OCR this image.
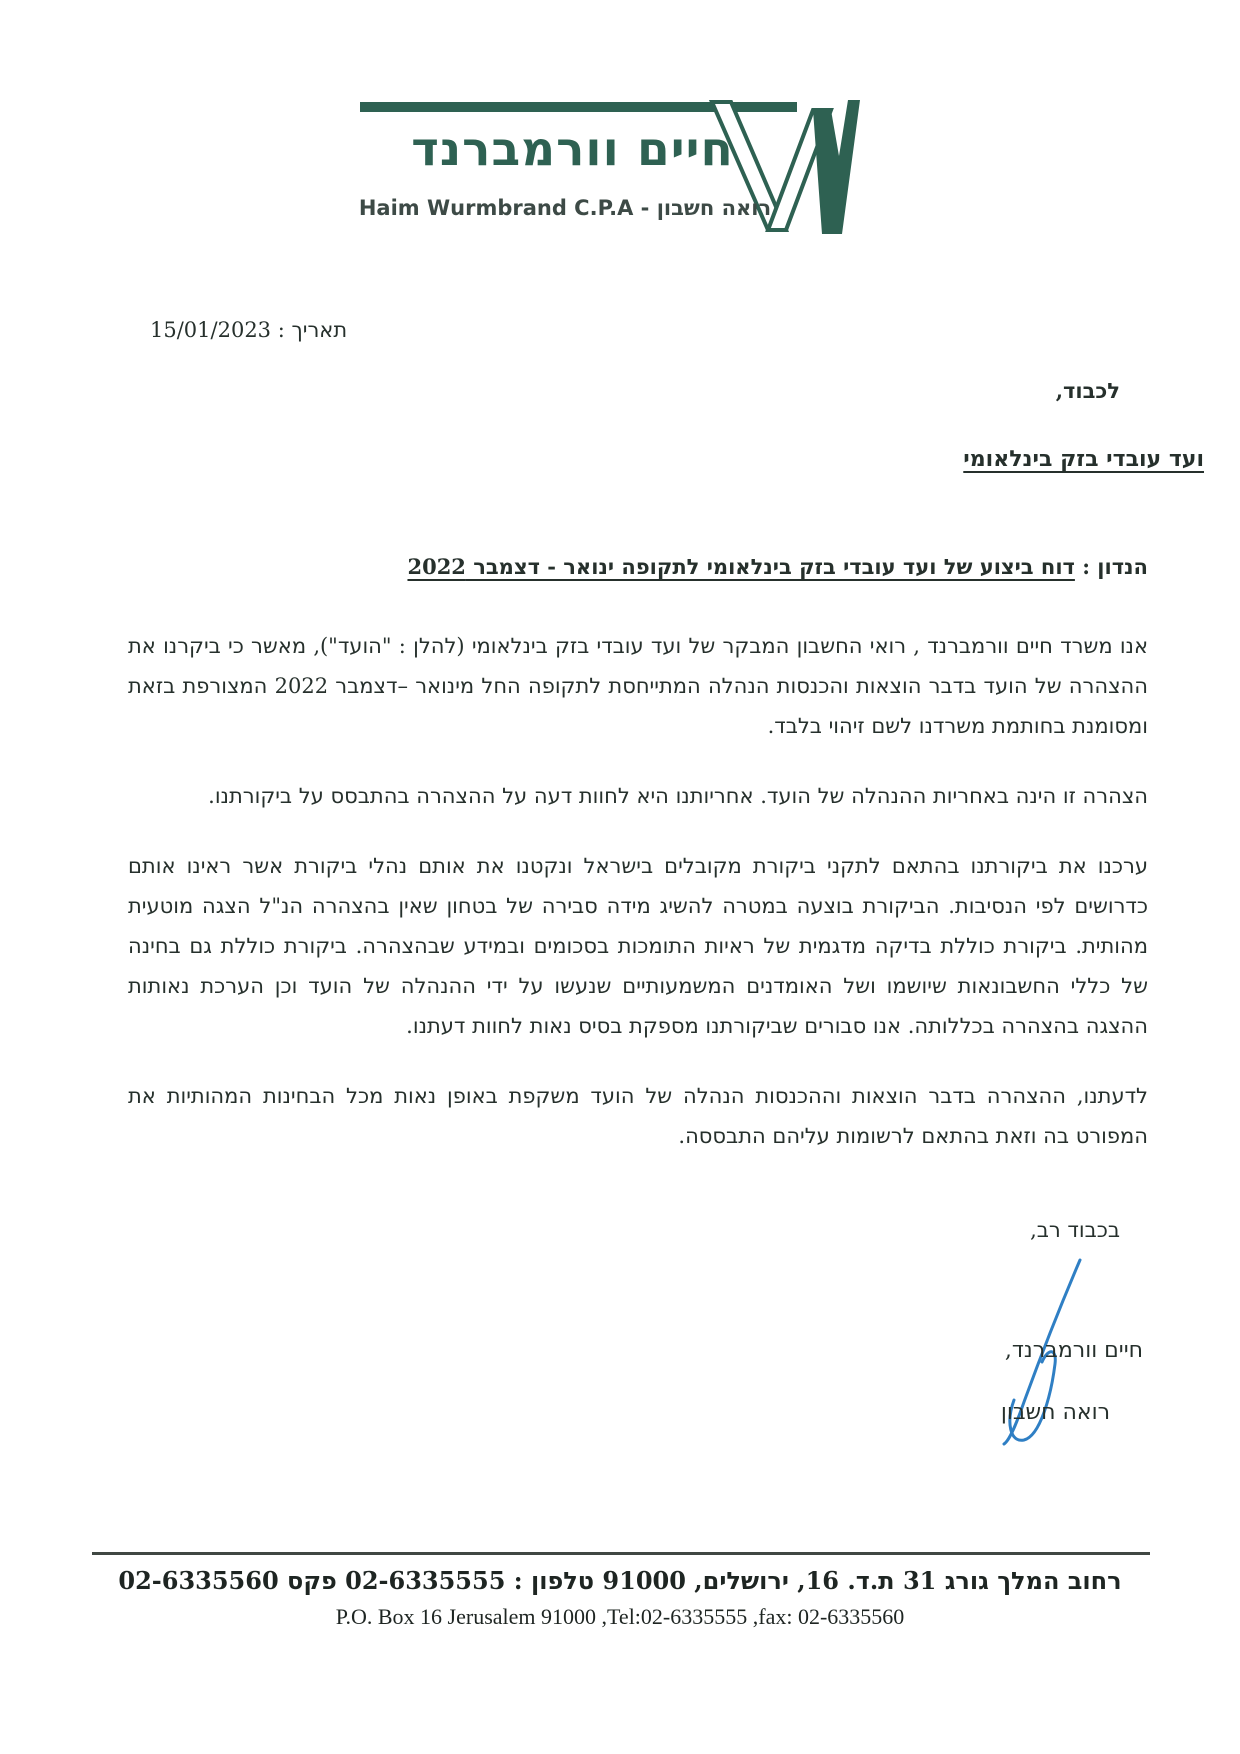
חיים וורמברנד
Haim Wurmbrand C.P.A - רואה חשבון
תאריך : 15/01/2023
לכבוד,
ועד עובדי בזק בינלאומי
הנדון : דוח ביצוע של ועד עובדי בזק בינלאומי לתקופה ינואר - דצמבר 2022

אנו משרד חיים וורמברנד , רואי החשבון המבקר של ועד עובדי בזק בינלאומי (להלן : "הועד"), מאשר כי ביקרנו את ההצהרה של הועד בדבר הוצאות והכנסות הנהלה המתייחסת לתקופה החל מינואר –דצמבר 2022 המצורפת בזאת ומסומנת בחותמת משרדנו לשם זיהוי בלבד.

הצהרה זו הינה באחריות ההנהלה של הועד. אחריותנו היא לחוות דעה על ההצהרה בהתבסס על ביקורתנו.

ערכנו את ביקורתנו בהתאם לתקני ביקורת מקובלים בישראל ונקטנו את אותם נהלי ביקורת אשר ראינו אותם כדרושים לפי הנסיבות. הביקורת בוצעה במטרה להשיג מידה סבירה של בטחון שאין בהצהרה הנ"ל הצגה מוטעית מהותית. ביקורת כוללת בדיקה מדגמית של ראיות התומכות בסכומים ובמידע שבהצהרה. ביקורת כוללת גם בחינה של כללי החשבונאות שיושמו ושל האומדנים המשמעותיים שנעשו על ידי ההנהלה של הועד וכן הערכת נאותות ההצגה בהצהרה בכללותה. אנו סבורים שביקורתנו מספקת בסיס נאות לחוות דעתנו.

לדעתנו, ההצהרה בדבר הוצאות וההכנסות הנהלה של הועד משקפת באופן נאות מכל הבחינות המהותיות את המפורט בה וזאת בהתאם לרשומות עליהם התבססה.

בכבוד רב,
חיים וורמברנד,
רואה חשבון
רחוב המלך גורג 31 ת.ד. 16, ירושלים, 91000 טלפון : 02-6335555 פקס 02-6335560
P.O. Box 16 Jerusalem 91000 ,Tel:02-6335555 ,fax: 02-6335560
